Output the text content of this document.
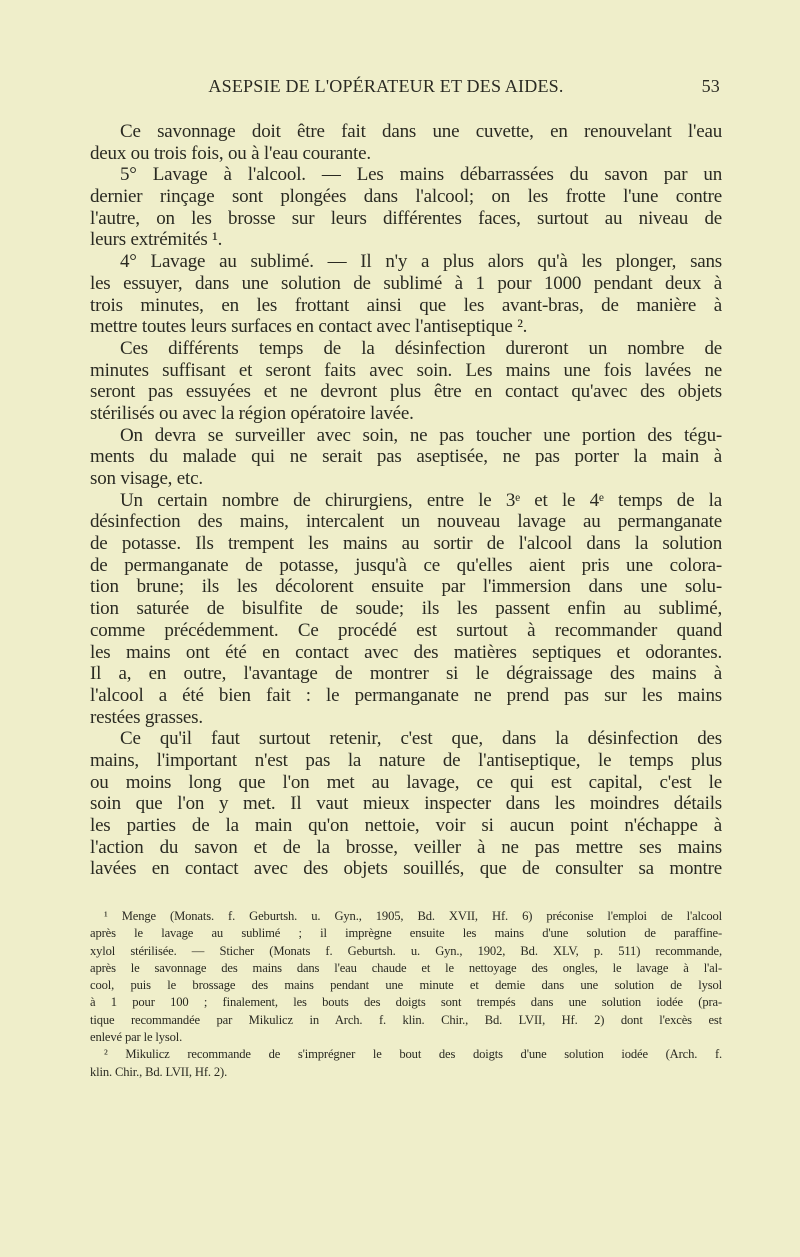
ASEPSIE DE L'OPÉRATEUR ET DES AIDES.	53
Ce savonnage doit être fait dans une cuvette, en renouvelant l'eau
deux ou trois fois, ou à l'eau courante.
5° Lavage à l'alcool. — Les mains débarrassées du savon par un
dernier rinçage sont plongées dans l'alcool; on les frotte l'une contre
l'autre, on les brosse sur leurs différentes faces, surtout au niveau de
leurs extrémités ¹.
4° Lavage au sublimé. — Il n'y a plus alors qu'à les plonger, sans
les essuyer, dans une solution de sublimé à 1 pour 1000 pendant deux à
trois minutes, en les frottant ainsi que les avant-bras, de manière à
mettre toutes leurs surfaces en contact avec l'antiseptique ².
Ces différents temps de la désinfection dureront un nombre de
minutes suffisant et seront faits avec soin. Les mains une fois lavées ne
seront pas essuyées et ne devront plus être en contact qu'avec des objets
stérilisés ou avec la région opératoire lavée.
On devra se surveiller avec soin, ne pas toucher une portion des tégu-
ments du malade qui ne serait pas aseptisée, ne pas porter la main à
son visage, etc.
Un certain nombre de chirurgiens, entre le 3ᵉ et le 4ᵉ temps de la
désinfection des mains, intercalent un nouveau lavage au permanganate
de potasse. Ils trempent les mains au sortir de l'alcool dans la solution
de permanganate de potasse, jusqu'à ce qu'elles aient pris une colora-
tion brune; ils les décolorent ensuite par l'immersion dans une solu-
tion saturée de bisulfite de soude; ils les passent enfin au sublimé,
comme précédemment. Ce procédé est surtout à recommander quand
les mains ont été en contact avec des matières septiques et odorantes.
Il a, en outre, l'avantage de montrer si le dégraissage des mains à
l'alcool a été bien fait : le permanganate ne prend pas sur les mains
restées grasses.
Ce qu'il faut surtout retenir, c'est que, dans la désinfection des
mains, l'important n'est pas la nature de l'antiseptique, le temps plus
ou moins long que l'on met au lavage, ce qui est capital, c'est le
soin que l'on y met. Il vaut mieux inspecter dans les moindres détails
les parties de la main qu'on nettoie, voir si aucun point n'échappe à
l'action du savon et de la brosse, veiller à ne pas mettre ses mains
lavées en contact avec des objets souillés, que de consulter sa montre
¹ Menge (Monats. f. Geburtsh. u. Gyn., 1905, Bd. XVII, Hf. 6) préconise l'emploi de l'alcool
après le lavage au sublimé ; il imprègne ensuite les mains d'une solution de paraffine-
xylol stérilisée. — Sticher (Monats f. Geburtsh. u. Gyn., 1902, Bd. XLV, p. 511) recommande,
après le savonnage des mains dans l'eau chaude et le nettoyage des ongles, le lavage à l'al-
cool, puis le brossage des mains pendant une minute et demie dans une solution de lysol
à 1 pour 100 ; finalement, les bouts des doigts sont trempés dans une solution iodée (pra-
tique recommandée par Mikulicz in Arch. f. klin. Chir., Bd. LVII, Hf. 2) dont l'excès est
enlevé par le lysol.
² Mikulicz recommande de s'imprégner le bout des doigts d'une solution iodée (Arch. f.
klin. Chir., Bd. LVII, Hf. 2).
